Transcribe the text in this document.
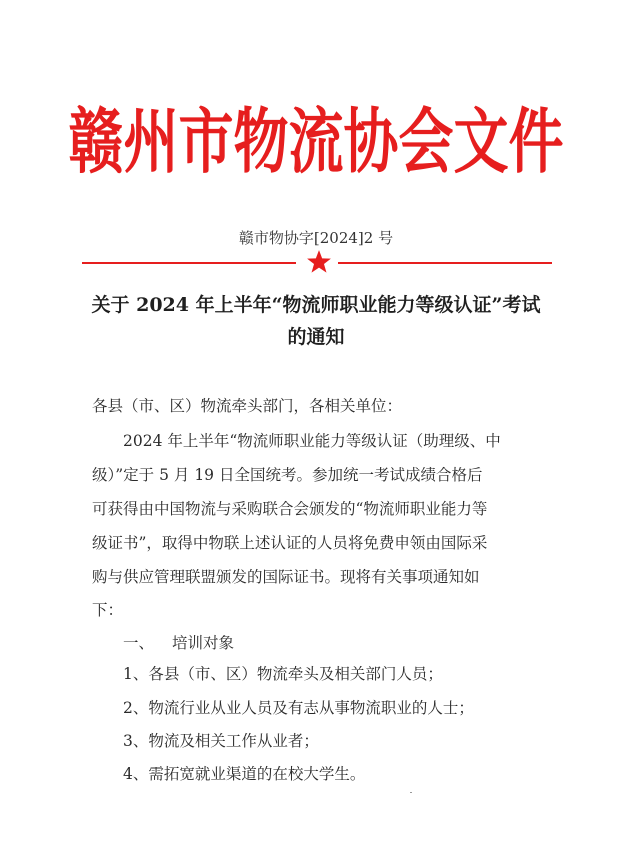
赣州市物流协会文件
赣市物协字[2024]2 号
关于 2024 年上半年“物流师职业能力等级认证”考试
的通知
各县（市、区）物流牵头部门，各相关单位：
2024 年上半年“物流师职业能力等级认证（助理级、中
级）”定于 5 月 19 日全国统考。参加统一考试成绩合格后
可获得由中国物流与采购联合会颁发的“物流师职业能力等
级证书”，取得中物联上述认证的人员将免费申领由国际采
购与供应管理联盟颁发的国际证书。现将有关事项通知如
下：
一、 培训对象
1、各县（市、区）物流牵头及相关部门人员；
2、物流行业从业人员及有志从事物流职业的人士；
3、物流及相关工作从业者；
4、需拓宽就业渠道的在校大学生。
